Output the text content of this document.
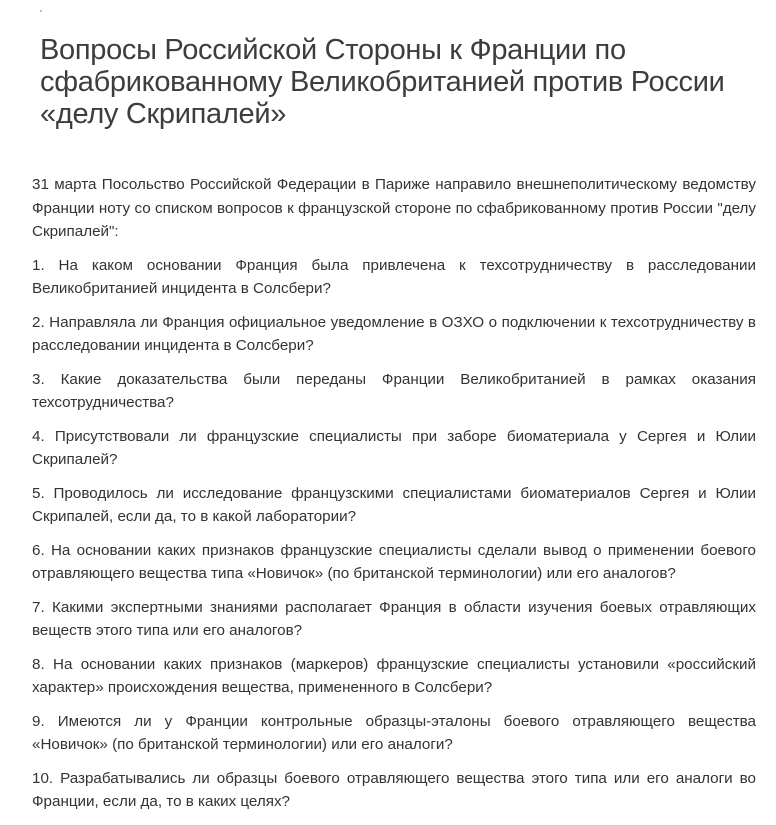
Вопросы Российской Стороны к Франции по сфабрикованному Великобританией против России «делу Скрипалей»

31 марта Посольство Российской Федерации в Париже направило внешнеполитическому ведомству Франции ноту со списком вопросов к французской стороне по сфабрикованному против России "делу Скрипалей":

1. На каком основании Франция была привлечена к техсотрудничеству в расследовании Великобританией инцидента в Солсбери?

2. Направляла ли Франция официальное уведомление в ОЗХО о подключении к техсотрудничеству в расследовании инцидента в Солсбери?

3. Какие доказательства были переданы Франции Великобританией в рамках оказания техсотрудничества?

4. Присутствовали ли французские специалисты при заборе биоматериала у Сергея и Юлии Скрипалей?

5. Проводилось ли исследование французскими специалистами биоматериалов Сергея и Юлии Скрипалей, если да, то в какой лаборатории?

6. На основании каких признаков французские специалисты сделали вывод о применении боевого отравляющего вещества типа «Новичок» (по британской терминологии) или его аналогов?

7. Какими экспертными знаниями располагает Франция в области изучения боевых отравляющих веществ этого типа или его аналогов?

8. На основании каких признаков (маркеров) французские специалисты установили «российский характер» происхождения вещества, примененного в Солсбери?

9. Имеются ли у Франции контрольные образцы-эталоны боевого отравляющего вещества «Новичок» (по британской терминологии) или его аналоги?

10. Разрабатывались ли образцы боевого отравляющего вещества этого типа или его аналоги во Франции, если да, то в каких целях?
